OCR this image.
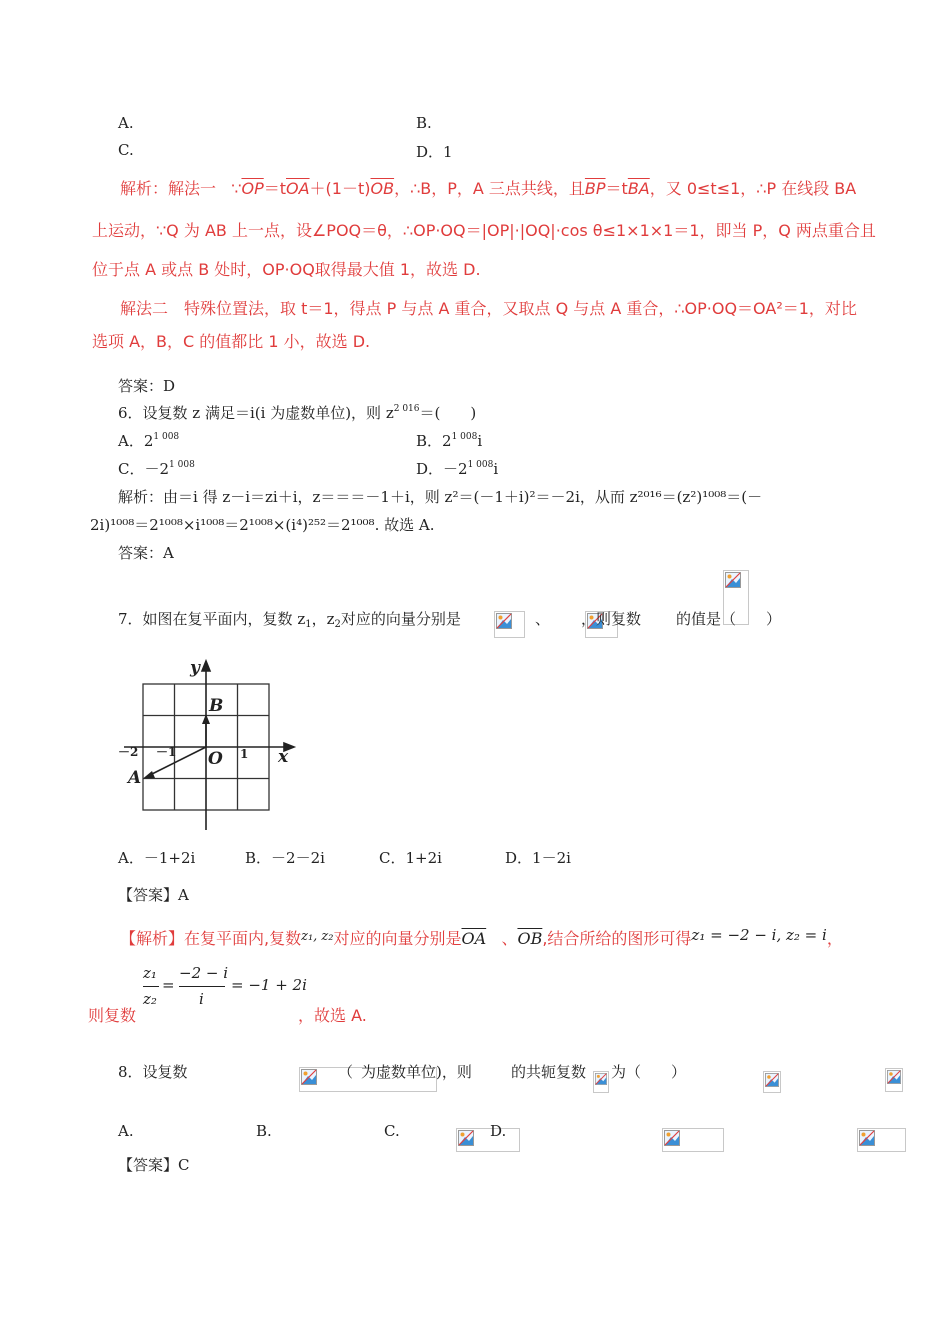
A.	B.
C.	D．1
解析：解法一 $\because\overline{OP}=t\overline{OA}+(1-t)\overline{OB}$，∴B，P，A 三点共线，且$\overline{BP}=t\overline{BA}$，又 0≤t≤1，∴P 在线段 BA
上运动，∵Q 为 AB 上一点，设∠POQ＝θ，∴OP·OQ＝|OP|·|OQ|·cos θ≤1×1×1＝1，即当 P，Q 两点重合且
位于点 A 或点 B 处时，OP·OQ取得最大值 1，故选 D.
解法二　特殊位置法，取 t＝1，得点 P 与点 A 重合，又取点 Q 与点 A 重合，∴OP·OQ＝OA²＝1，对比
选项 A，B，C 的值都比 1 小，故选 D.
答案：D
6．设复数 z 满足＝i(i 为虚数单位)，则 $z^{2 016}=$(　　)
A．$2^{1 008}$	B．$2^{1 008}i$
C．$-2^{1 008}$	D．$-2^{1 008}i$
解析：由＝i 得 z－i＝zi＋i，z＝＝＝－1＋i，则 z²＝(－1＋i)²＝－2i，从而 z²⁰¹⁶＝(z²)¹⁰⁰⁸＝(－
2i)¹⁰⁰⁸＝2¹⁰⁰⁸×i¹⁰⁰⁸＝2¹⁰⁰⁸×(i⁴)²⁵²＝2¹⁰⁰⁸. 故选 A.
答案：A
7．如图在复平面内，复数 $z_1$，$z_2$对应的向量分别是
	、
，则复数
的值是（　　）
y
x
B
O
A
－2 －1	1
A．－1+2i	B．－2－2i	C．1+2i	D．1－2i
【答案】A
【解析】在复平面内,复数$^{z_1, z_2}$对应的向量分别是$\overline{OA}$ 、$\overline{OB}$,结合所给的图形可得z₁ = −2 − i, z₂ = i，
z₁
z₂
=
−2 − i
i
= −1 + 2i
则复数	，故选 A.
8．设复数
	（
为虚数单位)，则
	的共轭复数
为（　　）
A.
	B.
	C.
	D.
【答案】C
